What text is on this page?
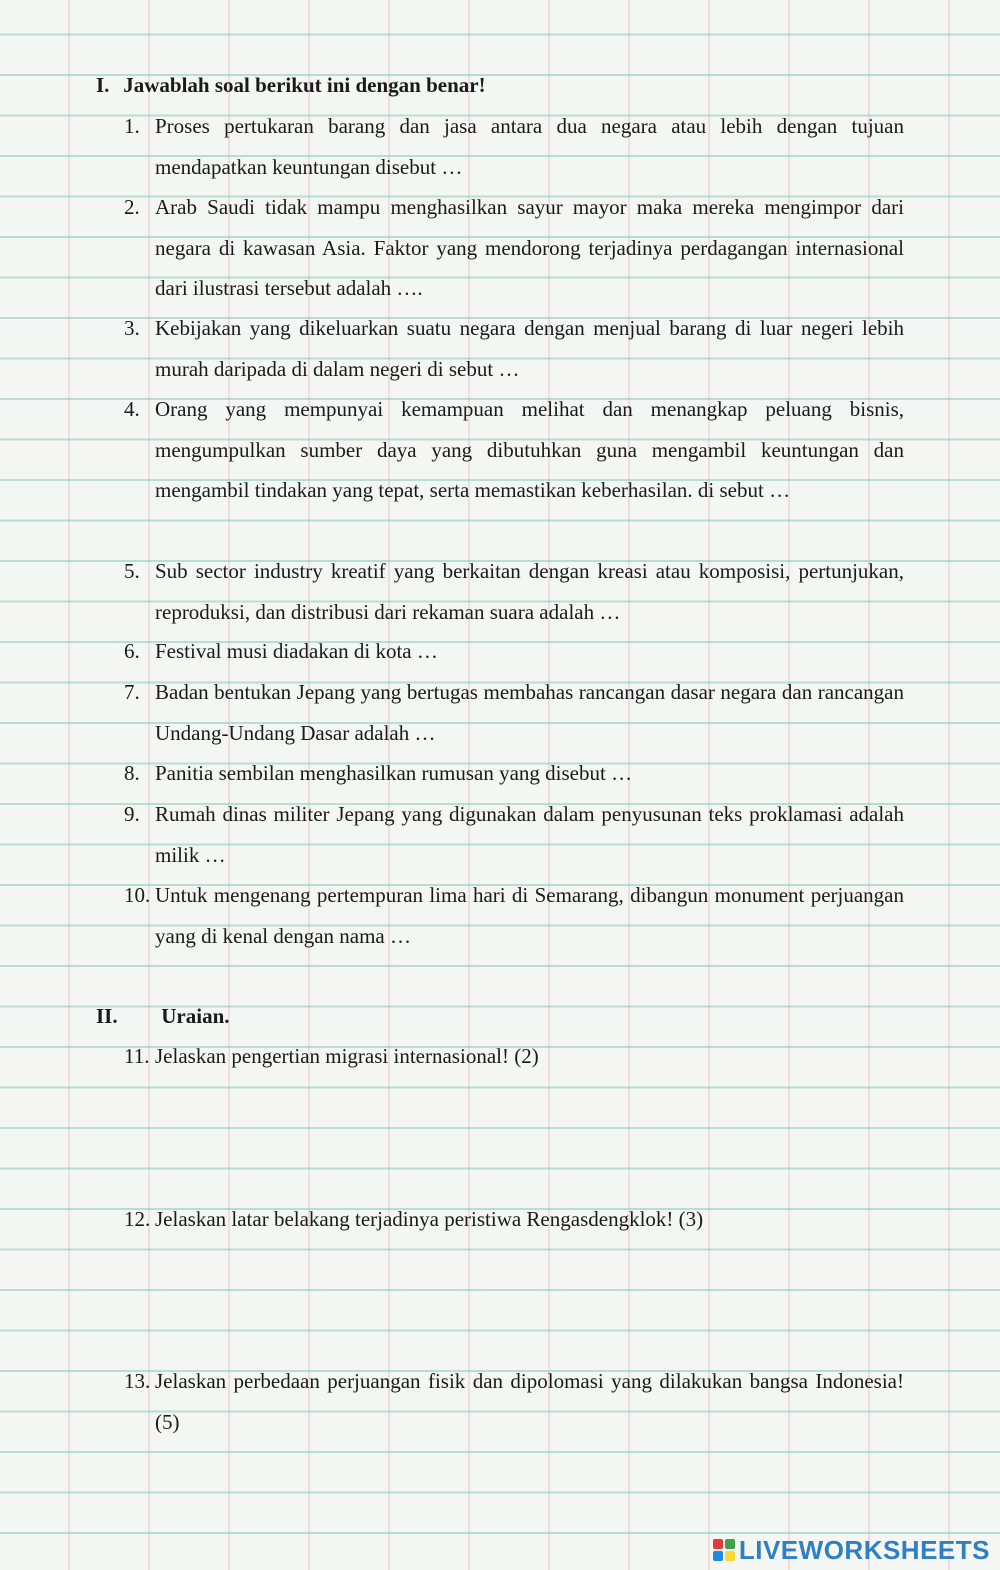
I. Jawablah soal berikut ini dengan benar!
1. Proses pertukaran barang dan jasa antara dua negara atau lebih dengan tujuan mendapatkan keuntungan disebut …
2. Arab Saudi tidak mampu menghasilkan sayur mayor maka mereka mengimpor dari negara di kawasan Asia. Faktor yang mendorong terjadinya perdagangan internasional dari ilustrasi tersebut adalah ….
3. Kebijakan yang dikeluarkan suatu negara dengan menjual barang di luar negeri lebih murah daripada di dalam negeri di sebut …
4. Orang yang mempunyai kemampuan melihat dan menangkap peluang bisnis, mengumpulkan sumber daya yang dibutuhkan guna mengambil keuntungan dan mengambil tindakan yang tepat, serta memastikan keberhasilan. di sebut …
5. Sub sector industry kreatif yang berkaitan dengan kreasi atau komposisi, pertunjukan, reproduksi, dan distribusi dari rekaman suara adalah …
6. Festival musi diadakan di kota …
7. Badan bentukan Jepang yang bertugas membahas rancangan dasar negara dan rancangan Undang-Undang Dasar adalah …
8. Panitia sembilan menghasilkan rumusan yang disebut …
9. Rumah dinas militer Jepang yang digunakan dalam penyusunan teks proklamasi adalah milik …
10. Untuk mengenang pertempuran lima hari di Semarang, dibangun monument perjuangan yang di kenal dengan nama …
II. Uraian.
11. Jelaskan pengertian migrasi internasional! (2)
12. Jelaskan latar belakang terjadinya peristiwa Rengasdengklok! (3)
13. Jelaskan perbedaan perjuangan fisik dan dipolomasi yang dilakukan bangsa Indonesia! (5)
LIVEWORKSHEETS
